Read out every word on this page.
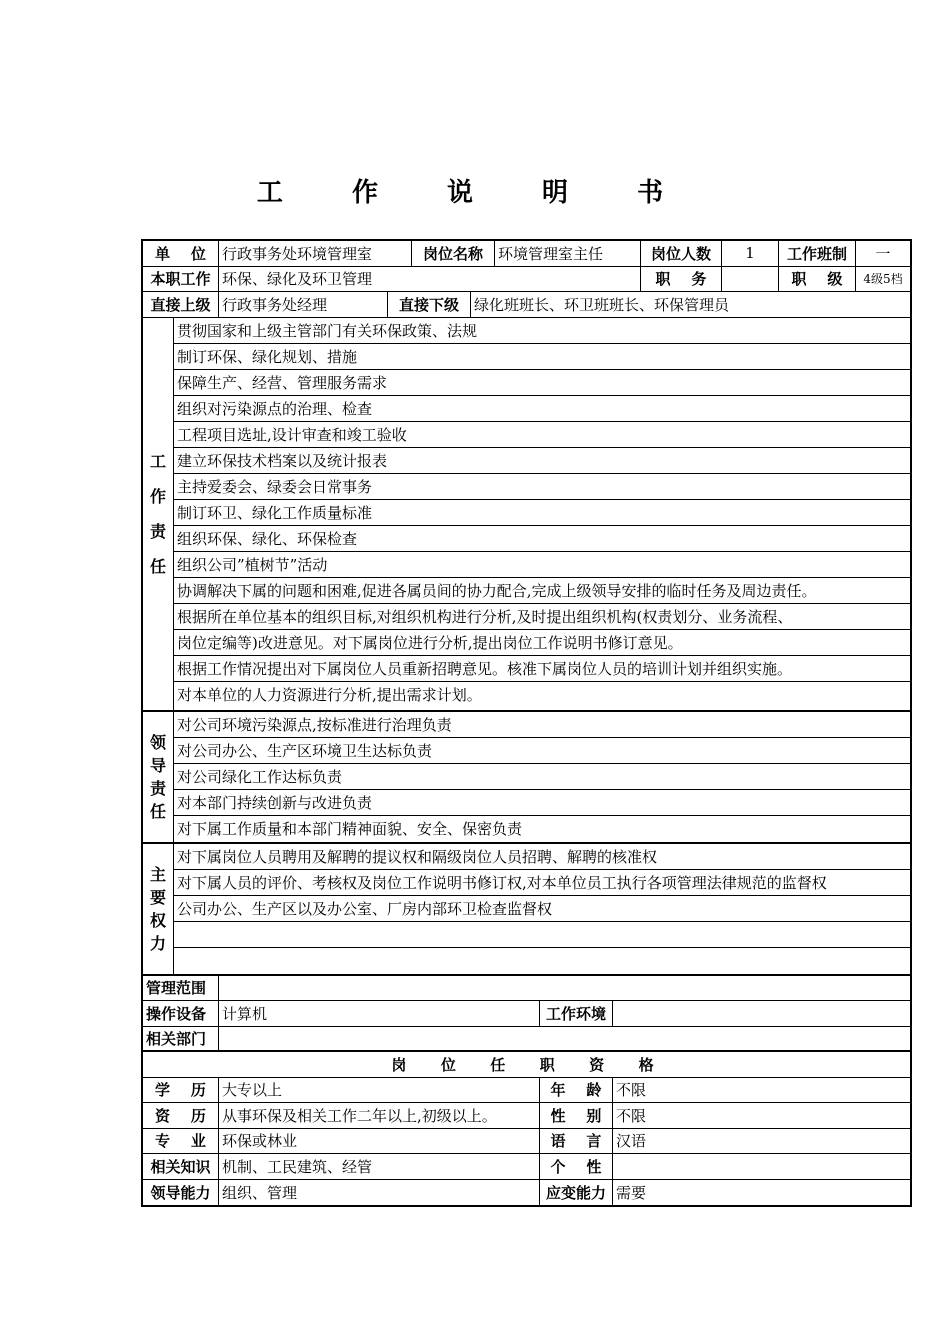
工 作 说 明 书
单    位	行政事务处环境管理室	岗位名称	环境管理室主任	岗位人数	1	工作班制	一
本职工作 环保、绿化及环卫管理	职    务	职    级	4级5档
直接上级 行政事务处经理	直接下级	绿化班班长、环卫班班长、环保管理员
工
作
责
任
贯彻国家和上级主管部门有关环保政策、法规
制订环保、绿化规划、措施
保障生产、经营、管理服务需求
组织对污染源点的治理、检查
工程项目选址,设计审查和竣工验收
建立环保技术档案以及统计报表
主持爱委会、绿委会日常事务
制订环卫、绿化工作质量标准
组织环保、绿化、环保检查
组织公司”植树节”活动
协调解决下属的问题和困难,促进各属员间的协力配合,完成上级领导安排的临时任务及周边责任。
根据所在单位基本的组织目标,对组织机构进行分析,及时提出组织机构(权责划分、业务流程、
岗位定编等)改进意见。对下属岗位进行分析,提出岗位工作说明书修订意见。
根据工作情况提出对下属岗位人员重新招聘意见。核准下属岗位人员的培训计划并组织实施。
对本单位的人力资源进行分析,提出需求计划。
领
导
责
任
对公司环境污染源点,按标准进行治理负责
对公司办公、生产区环境卫生达标负责
对公司绿化工作达标负责
对本部门持续创新与改进负责
对下属工作质量和本部门精神面貌、安全、保密负责
主
要
权
力
对下属岗位人员聘用及解聘的提议权和隔级岗位人员招聘、解聘的核准权
对下属人员的评价、考核权及岗位工作说明书修订权,对本单位员工执行各项管理法律规范的监督权
公司办公、生产区以及办公室、厂房内部环卫检查监督权
管理范围
操作设备	计算机	工作环境
相关部门
岗  位  任  职  资  格
学    历	大专以上	年    龄 不限
资    历	从事环保及相关工作二年以上,初级以上。	性    别 不限
专    业	环保或林业	语    言 汉语
相关知识 机制、工民建筑、经管	个    性
领导能力 组织、管理	应变能力 需要
